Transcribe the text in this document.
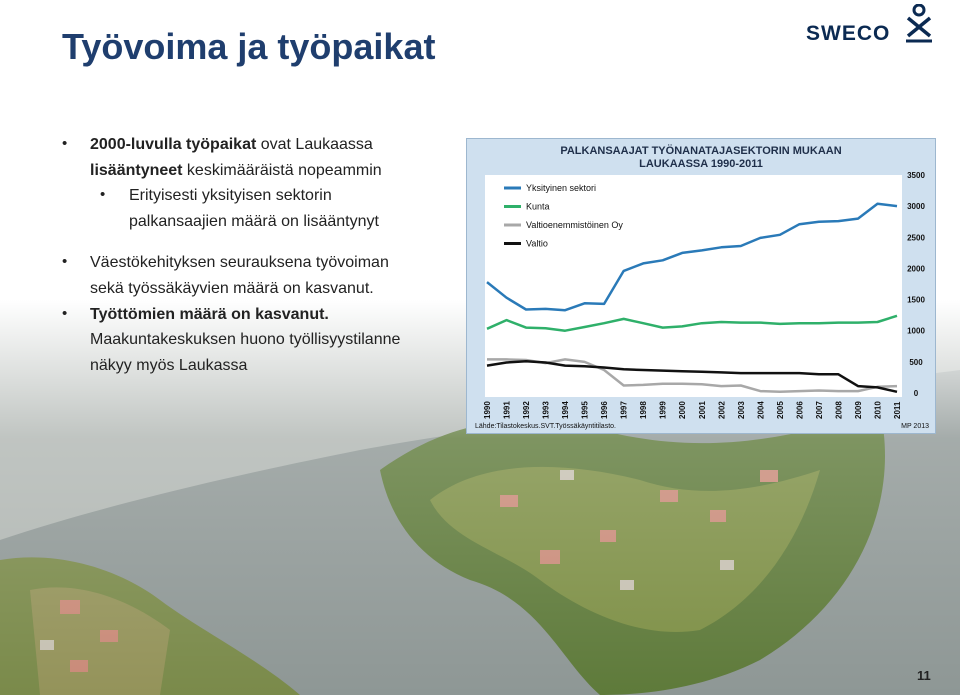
Työvoima ja työpaikat	SWECO

• 2000-luvulla työpaikat ovat Laukaassa
lisääntyneet keskimääräistä nopeammin

• Erityisesti yksityisen sektorin
palkansaajien määrä on lisääntynyt

• Väestökehityksen seurauksena työvoiman
sekä työssäkäyvien määrä on kasvanut.

• Työttömien määrä on kasvanut.

Maakuntakeskuksen huono työllisyystilanne
näkyy myös Laukassa

PALKANSAAJAT TYÖNANATAJASEKTORIN MUKAAN
LAUKAASSA 1990-2011
Yksityinen sektori
Kunta
Valtioenemmistöinen Oy
Valtio
0
500
1000
1500
2000
2500
3000
3500
1990 1991 1992 1993 1994 1995 1996 1997 1998 1999 2000 2001 2002 2003 2004 2005 2006 2007 2008 2009 2010 2011
Lähde:Tilastokeskus.SVT.Työssäkäyntitilasto.	MP 2013
11
